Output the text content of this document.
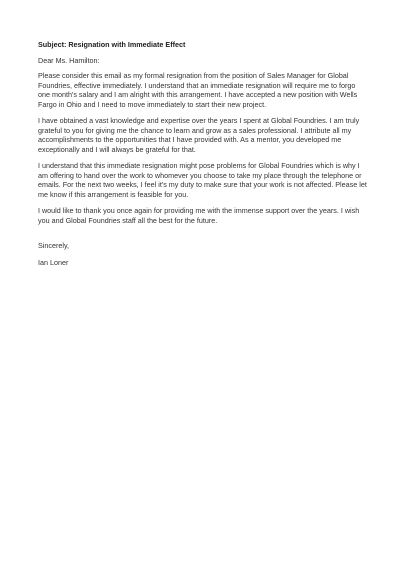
Subject: Resignation with Immediate Effect

Dear Ms. Hamilton:

Please consider this email as my formal resignation from the position of Sales Manager for Global Foundries, effective immediately. I understand that an immediate resignation will require me to forgo one month's salary and I am alright with this arrangement. I have accepted a new position with Wells Fargo in Ohio and I need to move immediately to start their new project.

I have obtained a vast knowledge and expertise over the years I spent at Global Foundries. I am truly grateful to you for giving me the chance to learn and grow as a sales professional. I attribute all my accomplishments to the opportunities that I have provided with. As a mentor, you developed me exceptionally and I will always be grateful for that.

I understand that this immediate resignation might pose problems for Global Foundries which is why I am offering to hand over the work to whomever you choose to take my place through the telephone or emails. For the next two weeks, I feel it's my duty to make sure that your work is not affected. Please let me know if this arrangement is feasible for you.

I would like to thank you once again for providing me with the immense support over the years. I wish you and Global Foundries staff all the best for the future.

Sincerely,

Ian Loner
